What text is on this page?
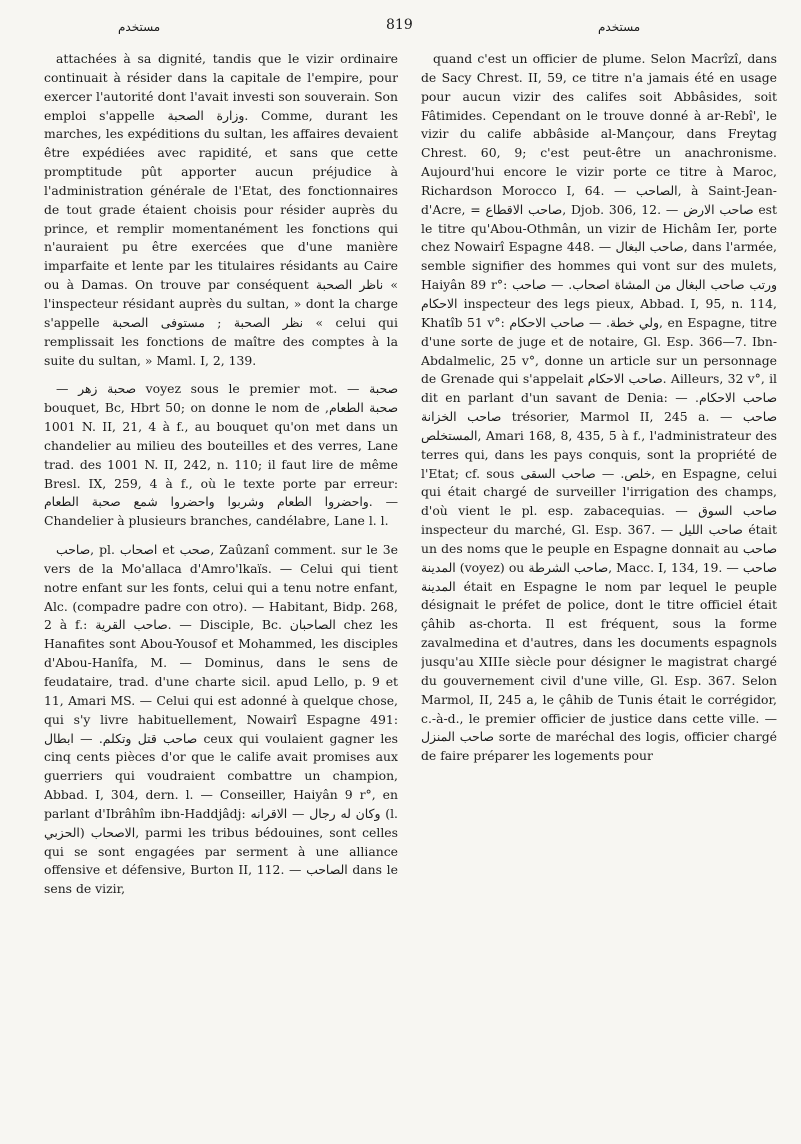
مستخدم	819	مستخدم

attachées à sa dignité, tandis que le vizir ordinaire continuait à résider dans la capitale de l'empire, pour exercer l'autorité dont l'avait investi son souverain. Son emploi s'appelle وزارة الصحبة. Comme, durant les marches, les expéditions du sultan, les affaires devaient être expédiées avec rapidité, et sans que cette promptitude pût apporter aucun préjudice à l'administration générale de l'Etat, des fonctionnaires de tout grade étaient choisis pour résider auprès du prince, et remplir momentanément les fonctions qui n'auraient pu être exercées que d'une manière imparfaite et lente par les titulaires résidants au Caire ou à Damas. On trouve par conséquent ناظر الصحبة « l'inspecteur résidant auprès du sultan, » dont la charge s'appelle نظر الصحبة ; مستوفى الصحبة « celui qui remplissait les fonctions de maître des comptes à la suite du sultan, » Maml. I, 2, 139.

— صحبة زهر voyez sous le premier mot. — صحبة bouquet, Bc, Hbrt 50; on donne le nom de صحبة الطعام, 1001 N. II, 21, 4 à f., au bouquet qu'on met dans un chandelier au milieu des bouteilles et des verres, Lane trad. des 1001 N. II, 242, n. 110; il faut lire de même Bresl. IX, 259, 4 à f., où le texte porte par erreur: واحضروا الطعام وشربوا واحضروا شمع صحبة الطعام. — Chandelier à plusieurs branches, candélabre, Lane l. l.

صاحب, pl. اصحاب et صحب, Zaûzanî comment. sur le 3e vers de la Mo'allaca d'Amro'lkaïs. — Celui qui tient notre enfant sur les fonts, celui qui a tenu notre enfant, Alc. (compadre padre con otro). — Habitant, Bidp. 268, 2 à f.: صاحب القرية. — Disciple, Bc. الصاحبان chez les Hanafites sont Abou-Yousof et Mohammed, les disciples d'Abou-Hanîfa, M. — Dominus, dans le sens de feudataire, trad. d'une charte sicil. apud Lello, p. 9 et 11, Amari MS. — Celui qui est adonné à quelque chose, qui s'y livre habituellement, Nowairî Espagne 491: صاحب قتل وتكلم. — ابطال ceux qui voulaient gagner les cinq cents pièces d'or que le calife avait promises aux guerriers qui voudraient combattre un champion, Abbad. I, 304, dern. l. — Conseiller, Haiyân 9 r°, en parlant d'Ibrâhîm ibn-Haddjâdj: وكان له رجال — الاقرانه (l. الحزبي) الاصحاب, parmi les tribus bédouines, sont celles qui se sont engagées par serment à une alliance offensive et défensive, Burton II, 112. — الصاحب dans le sens de vizir,

quand c'est un officier de plume. Selon Macrîzî, dans de Sacy Chrest. II, 59, ce titre n'a jamais été en usage pour aucun vizir des califes soit Abbâsides, soit Fâtimides. Cependant on le trouve donné à ar-Rebî', le vizir du calife abbâside al-Mançour, dans Freytag Chrest. 60, 9; c'est peut-être un anachronisme. Aujourd'hui encore le vizir porte ce titre à Maroc, Richardson Morocco I, 64. — الصاحب, à Saint-Jean-d'Acre, = صاحب الاقطاع, Djob. 306, 12. — صاحب الارض est le titre qu'Abou-Othmân, un vizir de Hichâm Ier, porte chez Nowairî Espagne 448. — صاحب البغال, dans l'armée, semble signifier des hommes qui vont sur des mulets, Haiyân 89 r°: ورتب صاحب البغال من المشاة اصحاب. — صاحب الاحكام inspecteur des legs pieux, Abbad. I, 95, n. 114, Khatîb 51 v°: ولي خطة. — صاحب الاحكام, en Espagne, titre d'une sorte de juge et de notaire, Gl. Esp. 366—7. Ibn-Abdalmelic, 25 v°, donne un article sur un personnage de Grenade qui s'appelait صاحب الاحكام. Ailleurs, 32 v°, il dit en parlant d'un savant de Denia: صاحب الاحكام. — صاحب الخزانة trésorier, Marmol II, 245 a. — صاحب المستخلص, Amari 168, 8, 435, 5 à f., l'administrateur des terres qui, dans les pays conquis, sont la propriété de l'Etat; cf. sous خلص. — صاحب السقى, en Espagne, celui qui était chargé de surveiller l'irrigation des champs, d'où vient le pl. esp. zabacequias. — صاحب السوق inspecteur du marché, Gl. Esp. 367. — صاحب الليل était un des noms que le peuple en Espagne donnait au صاحب المدينة (voyez) ou صاحب الشرطة, Macc. I, 134, 19. — صاحب المدينة était en Espagne le nom par lequel le peuple désignait le préfet de police, dont le titre officiel était çâhib as-chorta. Il est fréquent, sous la forme zavalmedina et d'autres, dans les documents espagnols jusqu'au XIIIe siècle pour désigner le magistrat chargé du gouvernement civil d'une ville, Gl. Esp. 367. Selon Marmol, II, 245 a, le çâhib de Tunis était le corrégidor, c.-à-d., le premier officier de justice dans cette ville. — صاحب المنزل sorte de maréchal des logis, officier chargé de faire préparer les logements pour
